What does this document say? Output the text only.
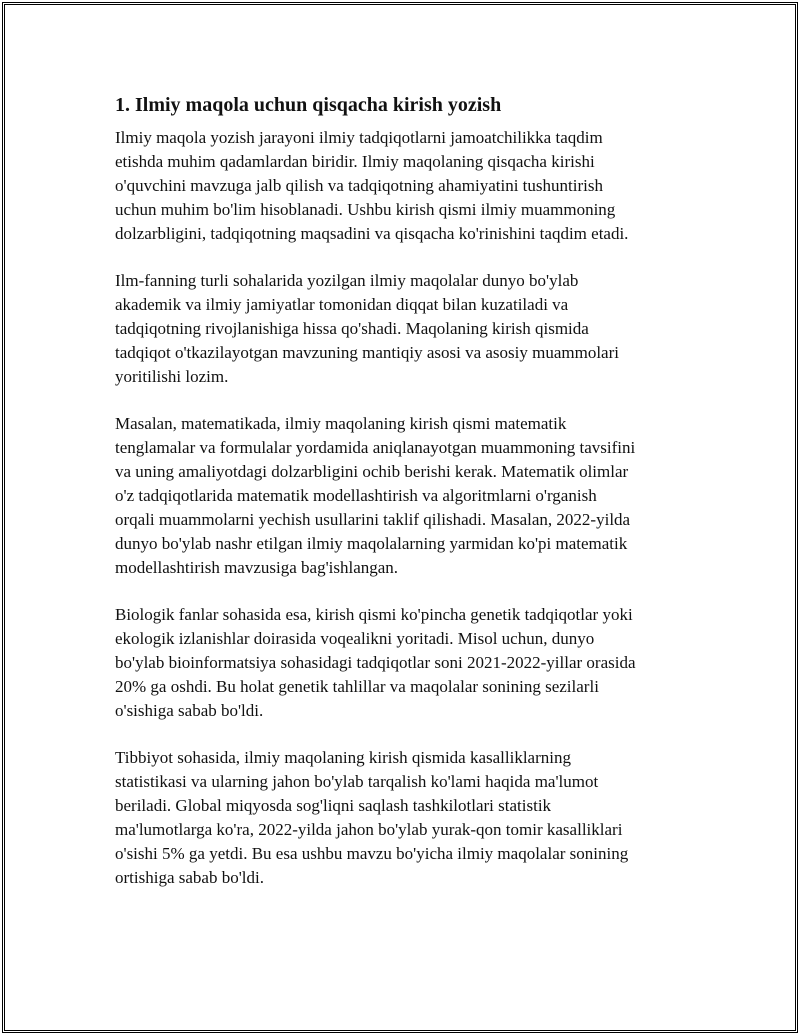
1. Ilmiy maqola uchun qisqacha kirish yozish

Ilmiy maqola yozish jarayoni ilmiy tadqiqotlarni jamoatchilikka taqdim
etishda muhim qadamlardan biridir. Ilmiy maqolaning qisqacha kirishi
o'quvchini mavzuga jalb qilish va tadqiqotning ahamiyatini tushuntirish
uchun muhim bo'lim hisoblanadi. Ushbu kirish qismi ilmiy muammoning
dolzarbligini, tadqiqotning maqsadini va qisqacha ko'rinishini taqdim etadi.

Ilm-fanning turli sohalarida yozilgan ilmiy maqolalar dunyo bo'ylab
akademik va ilmiy jamiyatlar tomonidan diqqat bilan kuzatiladi va
tadqiqotning rivojlanishiga hissa qo'shadi. Maqolaning kirish qismida
tadqiqot o'tkazilayotgan mavzuning mantiqiy asosi va asosiy muammolari
yoritilishi lozim.

Masalan, matematikada, ilmiy maqolaning kirish qismi matematik
tenglamalar va formulalar yordamida aniqlanayotgan muammoning tavsifini
va uning amaliyotdagi dolzarbligini ochib berishi kerak. Matematik olimlar
o'z tadqiqotlarida matematik modellashtirish va algoritmlarni o'rganish
orqali muammolarni yechish usullarini taklif qilishadi. Masalan, 2022-yilda
dunyo bo'ylab nashr etilgan ilmiy maqolalarning yarmidan ko'pi matematik
modellashtirish mavzusiga bag'ishlangan.

Biologik fanlar sohasida esa, kirish qismi ko'pincha genetik tadqiqotlar yoki
ekologik izlanishlar doirasida voqealikni yoritadi. Misol uchun, dunyo
bo'ylab bioinformatsiya sohasidagi tadqiqotlar soni 2021-2022-yillar orasida
20% ga oshdi. Bu holat genetik tahlillar va maqolalar sonining sezilarli
o'sishiga sabab bo'ldi.

Tibbiyot sohasida, ilmiy maqolaning kirish qismida kasalliklarning
statistikasi va ularning jahon bo'ylab tarqalish ko'lami haqida ma'lumot
beriladi. Global miqyosda sog'liqni saqlash tashkilotlari statistik
ma'lumotlarga ko'ra, 2022-yilda jahon bo'ylab yurak-qon tomir kasalliklari
o'sishi 5% ga yetdi. Bu esa ushbu mavzu bo'yicha ilmiy maqolalar sonining
ortishiga sabab bo'ldi.
